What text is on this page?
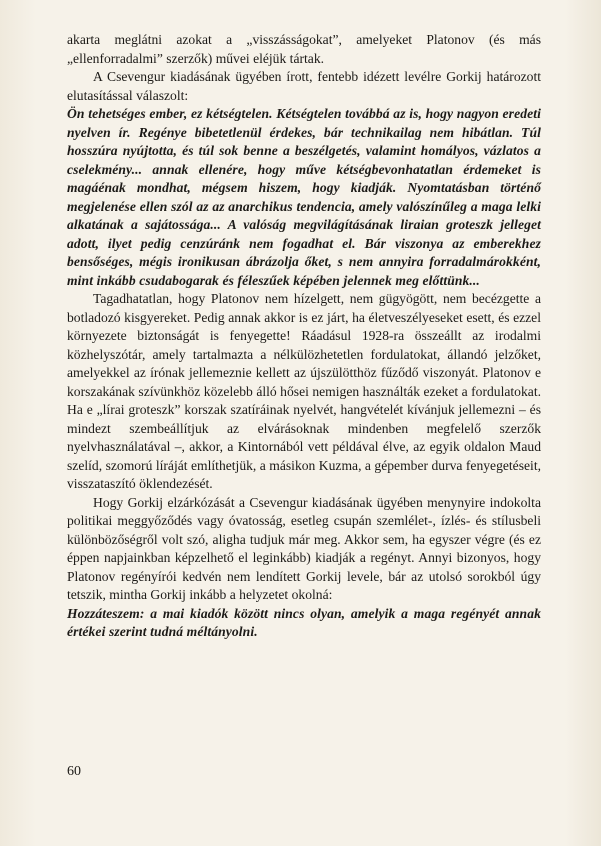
akarta meglátni azokat a „visszásságokat”, amelyeket Platonov (és más „ellenforradalmi” szerzők) művei eléjük tártak.

A Csevengur kiadásának ügyében írott, fentebb idézett levélre Gorkij határozott elutasítással válaszolt:

Ön tehetséges ember, ez kétségtelen. Kétségtelen továbbá az is, hogy nagyon eredeti nyelven ír. Regénye bibetetlenül érdekes, bár technikailag nem hibátlan. Túl hosszúra nyújtotta, és túl sok benne a beszélgetés, valamint homályos, vázlatos a cselekmény... annak ellenére, hogy műve kétségbevonhatatlan érdemeket is magáénak mondhat, mégsem hiszem, hogy kiadják. Nyomtatásban történő megjelenése ellen szól az az anarchikus tendencia, amely valószínűleg a maga lelki alkatának a sajátossága... A valóság megvilágításának liraian groteszk jelleget adott, ilyet pedig cenzúránk nem fogadhat el. Bár viszonya az emberekhez bensőséges, mégis ironikusan ábrázolja őket, s nem annyira forradalmárokként, mint inkább csudabogarak és féleszűek képében jelennek meg előttünk...

Tagadhatatlan, hogy Platonov nem hízelgett, nem gügyögött, nem becézgette a botladozó kisgyereket. Pedig annak akkor is ez járt, ha életveszélyeseket esett, és ezzel környezete biztonságát is fenyegette! Ráadásul 1928-ra összeállt az irodalmi közhelyszótár, amely tartalmazta a nélkülözhetetlen fordulatokat, állandó jelzőket, amelyekkel az írónak jellemeznie kellett az újszülötthöz fűződő viszonyát. Platonov e korszakának szívünkhöz közelebb álló hősei nemigen használták ezeket a fordulatokat. Ha e „lírai groteszk” korszak szatíráinak nyelvét, hangvételét kívánjuk jellemezni – és mindezt szembeállítjuk az elvárásoknak mindenben megfelelő szerzők nyelvhasználatával –, akkor, a Kintornából vett példával élve, az egyik oldalon Maud szelíd, szomorú líráját említhetjük, a másikon Kuzma, a gépember durva fenyegetéseit, visszataszító öklendezését.

Hogy Gorkij elzárkózását a Csevengur kiadásának ügyében menynyire indokolta politikai meggyőződés vagy óvatosság, esetleg csupán szemlélet-, ízlés- és stílusbeli különbözőségről volt szó, aligha tudjuk már meg. Akkor sem, ha egyszer végre (és ez éppen napjainkban képzelhető el leginkább) kiadják a regényt. Annyi bizonyos, hogy Platonov regényírói kedvén nem lendített Gorkij levele, bár az utolsó sorokból úgy tetszik, mintha Gorkij inkább a helyzetet okolná:

Hozzáteszem: a mai kiadók között nincs olyan, amelyik a maga regényét annak értékei szerint tudná méltányolni.

60
